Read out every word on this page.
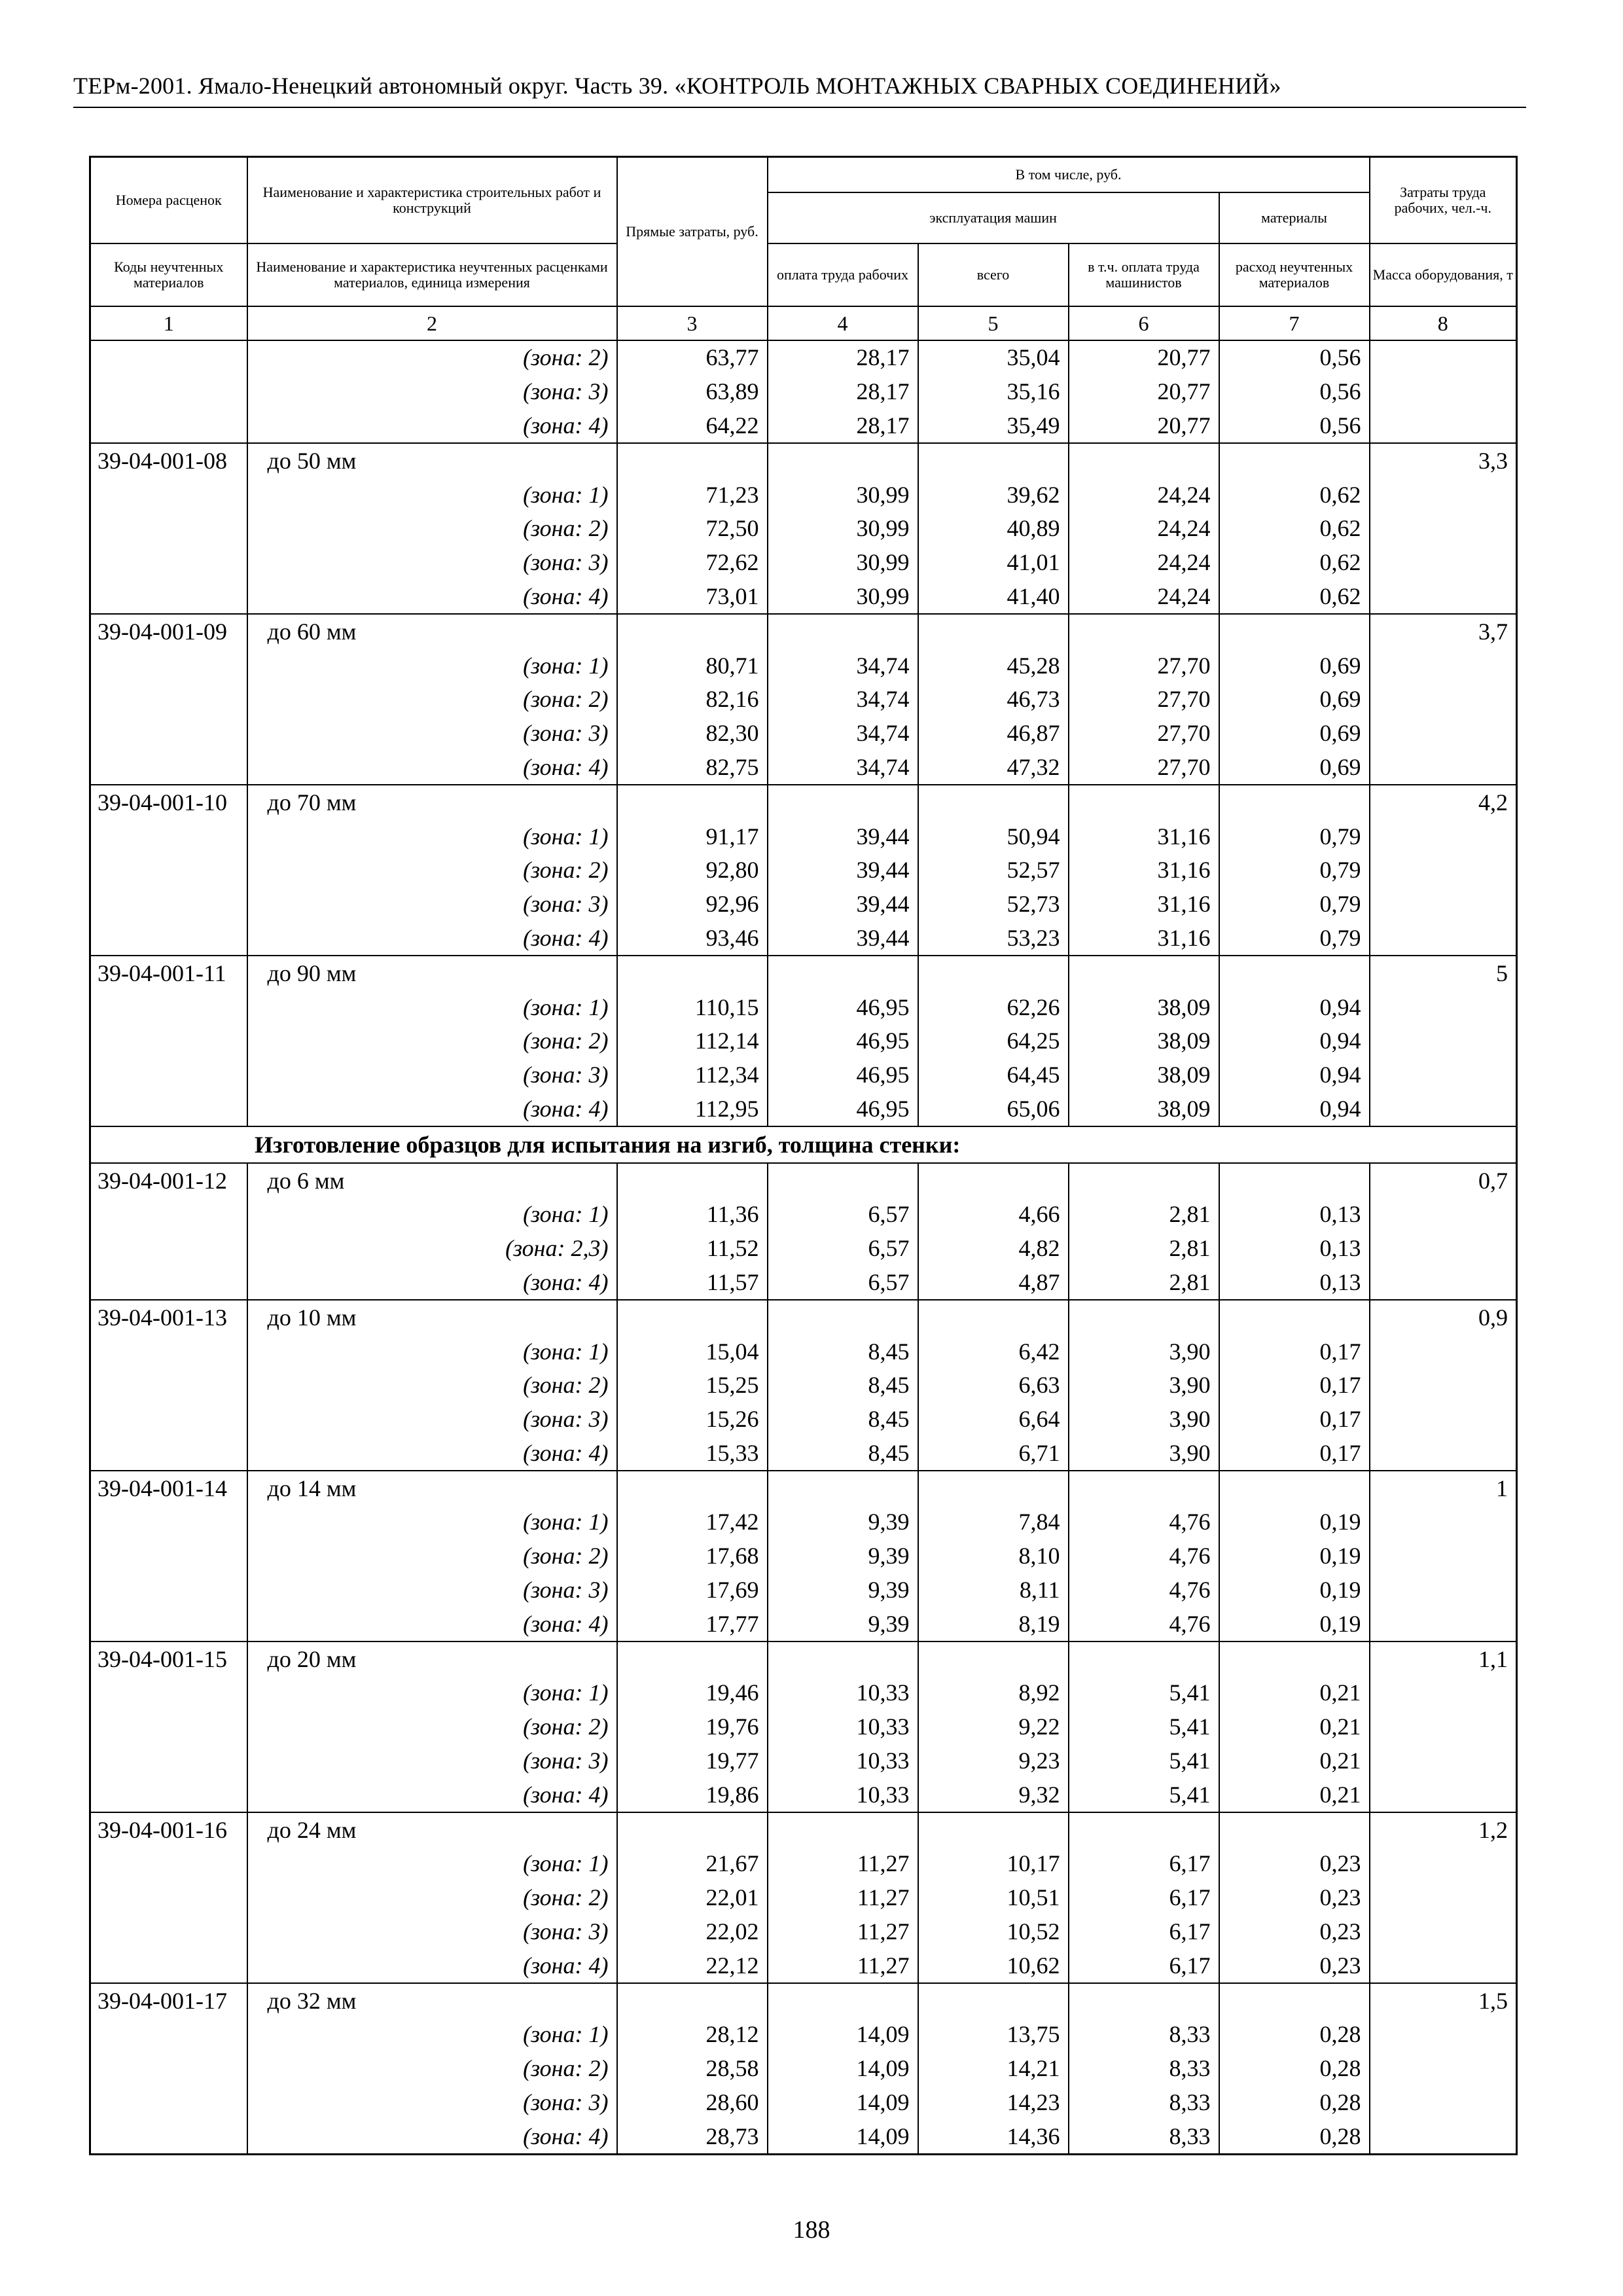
ТЕРм-2001. Ямало-Ненецкий автономный округ. Часть 39. «КОНТРОЛЬ МОНТАЖНЫХ СВАРНЫХ СОЕДИНЕНИЙ»
Номера расценок	Наименование и характеристика строительных работ и конструкций	Прямые затраты, руб.	В том числе, руб.				Затраты труда рабочих, чел.-ч.
			эксплуатация машин			материалы	
Коды неучтенных материалов	Наименование и характеристика неучтенных расценками материалов, единица измерения		оплата труда рабочих	всего	в т.ч. оплата труда машинистов	расход неучтенных материалов	Масса оборудования, т
1	2	3	4	5	6	7	8
	(зона: 2)	63,77	28,17	35,04	20,77	0,56	
	(зона: 3)	63,89	28,17	35,16	20,77	0,56	
	(зона: 4)	64,22	28,17	35,49	20,77	0,56	
39-04-001-08	до 50 мм						3,3
	(зона: 1)	71,23	30,99	39,62	24,24	0,62	
	(зона: 2)	72,50	30,99	40,89	24,24	0,62	
	(зона: 3)	72,62	30,99	41,01	24,24	0,62	
	(зона: 4)	73,01	30,99	41,40	24,24	0,62	
39-04-001-09	до 60 мм						3,7
	(зона: 1)	80,71	34,74	45,28	27,70	0,69	
	(зона: 2)	82,16	34,74	46,73	27,70	0,69	
	(зона: 3)	82,30	34,74	46,87	27,70	0,69	
	(зона: 4)	82,75	34,74	47,32	27,70	0,69	
39-04-001-10	до 70 мм						4,2
	(зона: 1)	91,17	39,44	50,94	31,16	0,79	
	(зона: 2)	92,80	39,44	52,57	31,16	0,79	
	(зона: 3)	92,96	39,44	52,73	31,16	0,79	
	(зона: 4)	93,46	39,44	53,23	31,16	0,79	
39-04-001-11	до 90 мм						5
	(зона: 1)	110,15	46,95	62,26	38,09	0,94	
	(зона: 2)	112,14	46,95	64,25	38,09	0,94	
	(зона: 3)	112,34	46,95	64,45	38,09	0,94	
	(зона: 4)	112,95	46,95	65,06	38,09	0,94	
Изготовление образцов для испытания на изгиб, толщина стенки:							
39-04-001-12	до 6 мм						0,7
	(зона: 1)	11,36	6,57	4,66	2,81	0,13	
	(зона: 2,3)	11,52	6,57	4,82	2,81	0,13	
	(зона: 4)	11,57	6,57	4,87	2,81	0,13	
39-04-001-13	до 10 мм						0,9
	(зона: 1)	15,04	8,45	6,42	3,90	0,17	
	(зона: 2)	15,25	8,45	6,63	3,90	0,17	
	(зона: 3)	15,26	8,45	6,64	3,90	0,17	
	(зона: 4)	15,33	8,45	6,71	3,90	0,17	
39-04-001-14	до 14 мм						1
	(зона: 1)	17,42	9,39	7,84	4,76	0,19	
	(зона: 2)	17,68	9,39	8,10	4,76	0,19	
	(зона: 3)	17,69	9,39	8,11	4,76	0,19	
	(зона: 4)	17,77	9,39	8,19	4,76	0,19	
39-04-001-15	до 20 мм						1,1
	(зона: 1)	19,46	10,33	8,92	5,41	0,21	
	(зона: 2)	19,76	10,33	9,22	5,41	0,21	
	(зона: 3)	19,77	10,33	9,23	5,41	0,21	
	(зона: 4)	19,86	10,33	9,32	5,41	0,21	
39-04-001-16	до 24 мм						1,2
	(зона: 1)	21,67	11,27	10,17	6,17	0,23	
	(зона: 2)	22,01	11,27	10,51	6,17	0,23	
	(зона: 3)	22,02	11,27	10,52	6,17	0,23	
	(зона: 4)	22,12	11,27	10,62	6,17	0,23	
39-04-001-17	до 32 мм						1,5
	(зона: 1)	28,12	14,09	13,75	8,33	0,28	
	(зона: 2)	28,58	14,09	14,21	8,33	0,28	
	(зона: 3)	28,60	14,09	14,23	8,33	0,28	
	(зона: 4)	28,73	14,09	14,36	8,33	0,28	
188
